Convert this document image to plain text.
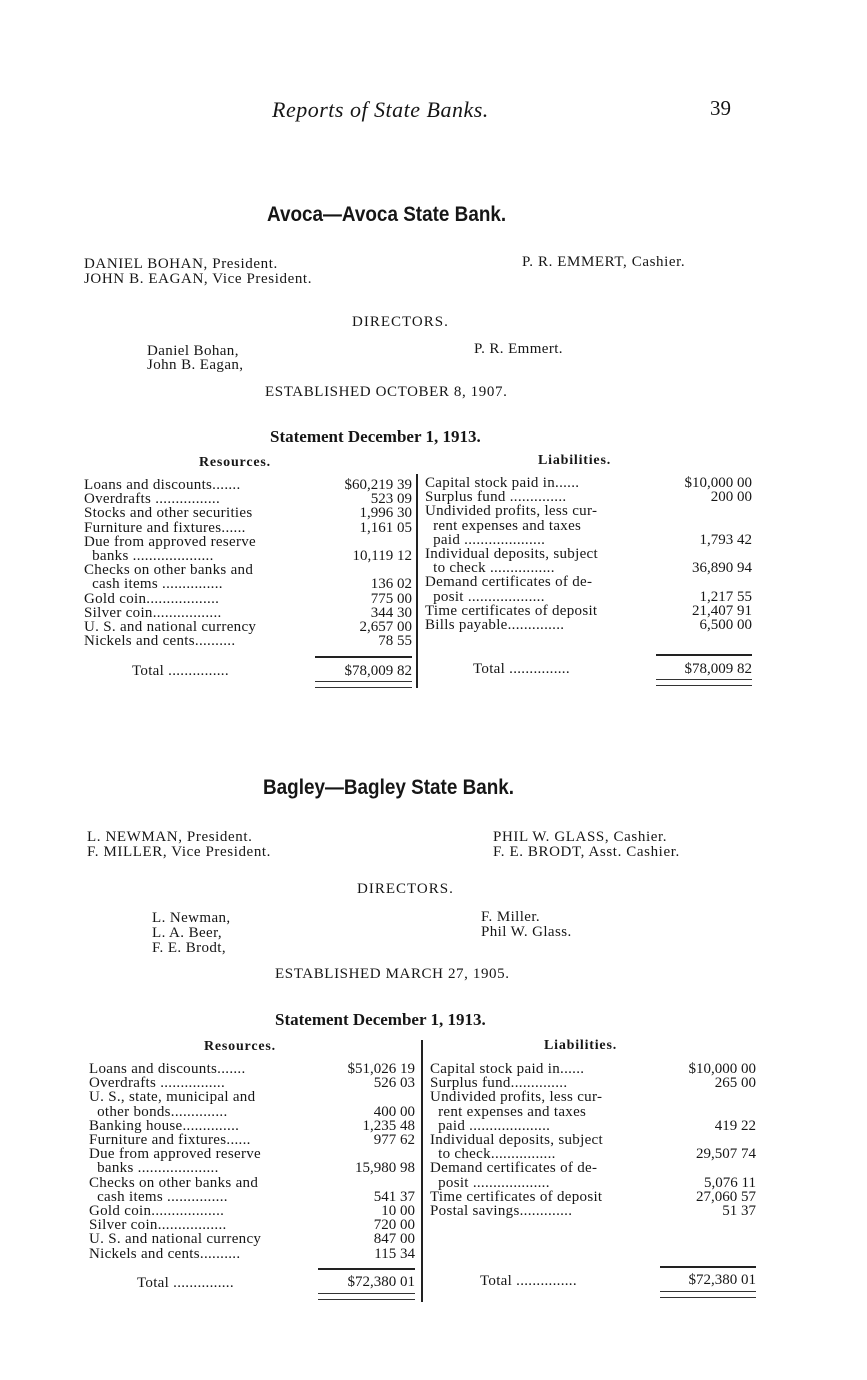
Reports of State Banks.	39
Avoca—Avoca State Bank.
DANIEL BOHAN, President.
JOHN B. EAGAN, Vice President.
P. R. EMMERT, Cashier.
DIRECTORS.
Daniel Bohan,
John B. Eagan,
P. R. Emmert.
ESTABLISHED OCTOBER 8, 1907.
Statement December 1, 1913.
Resources.	Liabilities.
Loans and discounts.......	$60,219 39
Overdrafts ................	523 09
Stocks and other securities	1,996 30
Furniture and fixtures......	1,161 05
Due from approved reserve
banks ....................	10,119 12
Checks on other banks and
cash items ...............	136 02
Gold coin..................	775 00
Silver coin.................	344 30
U. S. and national currency	2,657 00
Nickels and cents..........	78 55
Capital stock paid in......	$10,000 00
Surplus fund ..............	200 00
Undivided profits, less cur-
rent expenses and taxes
paid ....................	1,793 42
Individual deposits, subject
to check ................	36,890 94
Demand certificates of de-
posit ...................	1,217 55
Time certificates of deposit	21,407 91
Bills payable..............	6,500 00
Total ...............	$78,009 82	Total ...............	$78,009 82
Bagley—Bagley State Bank.
L. NEWMAN, President.
F. MILLER, Vice President.
PHIL W. GLASS, Cashier.
F. E. BRODT, Asst. Cashier.
DIRECTORS.
L. Newman,
L. A. Beer,
F. E. Brodt,
F. Miller.
Phil W. Glass.
ESTABLISHED MARCH 27, 1905.
Statement December 1, 1913.
Resources.	Liabilities.
Loans and discounts.......	$51,026 19
Overdrafts ................	526 03
U. S., state, municipal and
other bonds..............	400 00
Banking house..............	1,235 48
Furniture and fixtures......	977 62
Due from approved reserve
banks ....................	15,980 98
Checks on other banks and
cash items ...............	541 37
Gold coin..................	10 00
Silver coin.................	720 00
U. S. and national currency	847 00
Nickels and cents..........	115 34
Capital stock paid in......	$10,000 00
Surplus fund..............	265 00
Undivided profits, less cur-
rent expenses and taxes
paid ....................	419 22
Individual deposits, subject
to check................	29,507 74
Demand certificates of de-
posit ...................	5,076 11
Time certificates of deposit	27,060 57
Postal savings.............	51 37
Total ...............	$72,380 01	Total ...............	$72,380 01
